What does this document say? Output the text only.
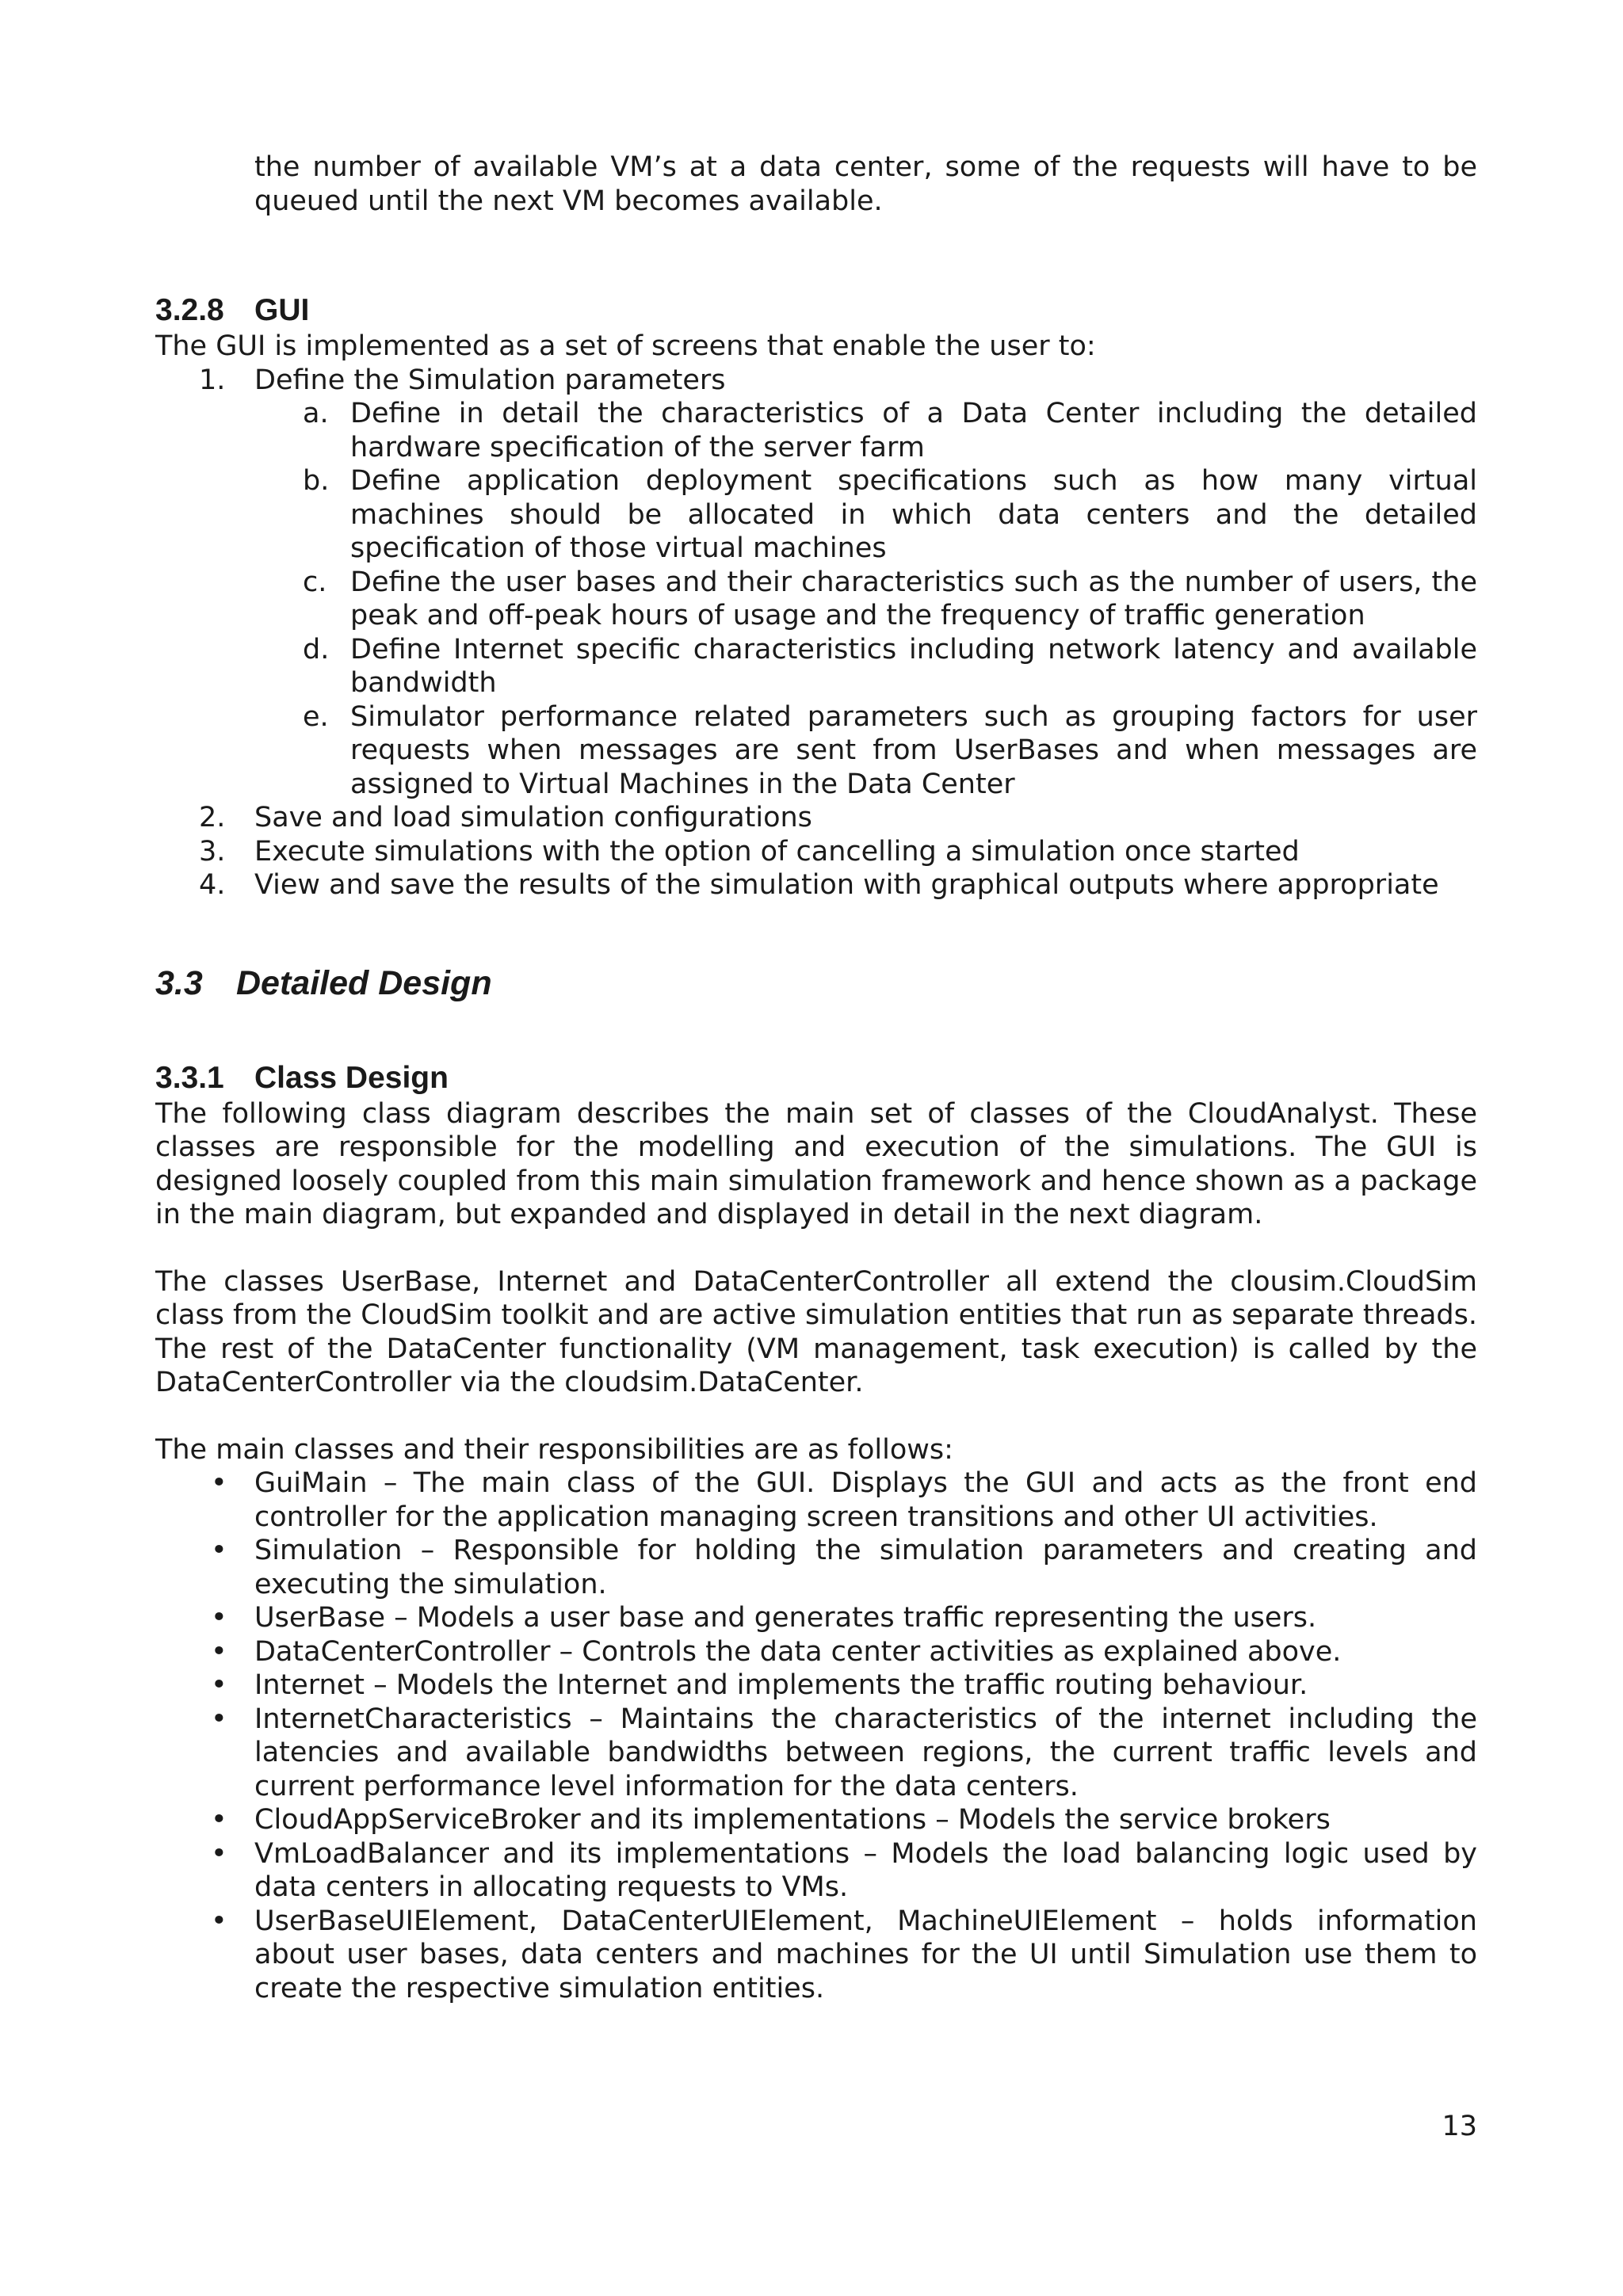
the number of available VM’s at a data center, some of the requests will have to be queued until the next VM becomes available.

3.2.8 GUI

The GUI is implemented as a set of screens that enable the user to:

1.	Define the Simulation parameters
a. Define in detail the characteristics of a Data Center including the detailed hardware specification of the server farm
b. Define application deployment specifications such as how many virtual machines should be allocated in which data centers and the detailed specification of those virtual machines
c. Define the user bases and their characteristics such as the number of users, the peak and off-peak hours of usage and the frequency of traffic generation
d. Define Internet specific characteristics including network latency and available bandwidth
e. Simulator performance related parameters such as grouping factors for user requests when messages are sent from UserBases and when messages are assigned to Virtual Machines in the Data Center
2.	Save and load simulation configurations
3.	Execute simulations with the option of cancelling a simulation once started
4.	View and save the results of the simulation with graphical outputs where appropriate
3.3 Detailed Design
3.3.1 Class Design

The following class diagram describes the main set of classes of the CloudAnalyst. These classes are responsible for the modelling and execution of the simulations. The GUI is designed loosely coupled from this main simulation framework and hence shown as a package in the main diagram, but expanded and displayed in detail in the next diagram.

The classes UserBase, Internet and DataCenterController all extend the clousim.CloudSim class from the CloudSim toolkit and are active simulation entities that run as separate threads. The rest of the DataCenter functionality (VM management, task execution) is called by the DataCenterController via the cloudsim.DataCenter.

The main classes and their responsibilities are as follows:

• GuiMain – The main class of the GUI. Displays the GUI and acts as the front end controller for the application managing screen transitions and other UI activities.
• Simulation – Responsible for holding the simulation parameters and creating and executing the simulation.
• UserBase – Models a user base and generates traffic representing the users.
• DataCenterController – Controls the data center activities as explained above.
• Internet – Models the Internet and implements the traffic routing behaviour.
• InternetCharacteristics – Maintains the characteristics of the internet including the latencies and available bandwidths between regions, the current traffic levels and current performance level information for the data centers.
• CloudAppServiceBroker and its implementations – Models the service brokers
• VmLoadBalancer and its implementations – Models the load balancing logic used by data centers in allocating requests to VMs.
• UserBaseUIElement, DataCenterUIElement, MachineUIElement – holds information about user bases, data centers and machines for the UI until Simulation use them to create the respective simulation entities.
13
